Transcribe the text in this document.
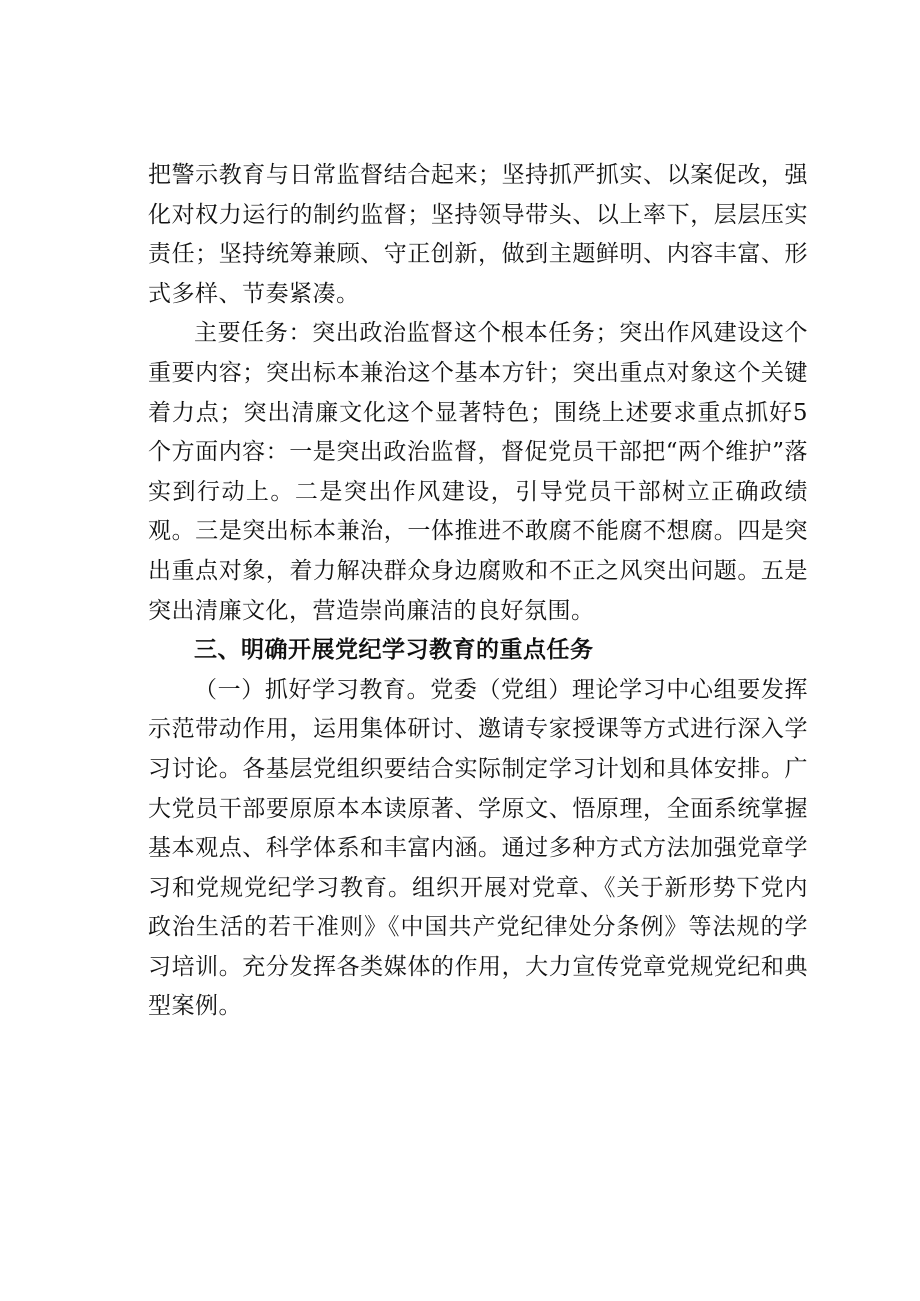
把警示教育与日常监督结合起来；坚持抓严抓实、以案促改，强化对权力运行的制约监督；坚持领导带头、以上率下，层层压实责任；坚持统筹兼顾、守正创新，做到主题鲜明、内容丰富、形式多样、节奏紧凑。

主要任务：突出政治监督这个根本任务；突出作风建设这个重要内容；突出标本兼治这个基本方针；突出重点对象这个关键着力点；突出清廉文化这个显著特色；围绕上述要求重点抓好5个方面内容：一是突出政治监督，督促党员干部把“两个维护”落实到行动上。二是突出作风建设，引导党员干部树立正确政绩观。三是突出标本兼治，一体推进不敢腐不能腐不想腐。四是突出重点对象，着力解决群众身边腐败和不正之风突出问题。五是突出清廉文化，营造崇尚廉洁的良好氛围。

三、明确开展党纪学习教育的重点任务

（一）抓好学习教育。党委（党组）理论学习中心组要发挥示范带动作用，运用集体研讨、邀请专家授课等方式进行深入学习讨论。各基层党组织要结合实际制定学习计划和具体安排。广大党员干部要原原本本读原著、学原文、悟原理，全面系统掌握基本观点、科学体系和丰富内涵。通过多种方式方法加强党章学习和党规党纪学习教育。组织开展对党章、《关于新形势下党内政治生活的若干准则》《中国共产党纪律处分条例》等法规的学习培训。充分发挥各类媒体的作用，大力宣传党章党规党纪和典型案例。
